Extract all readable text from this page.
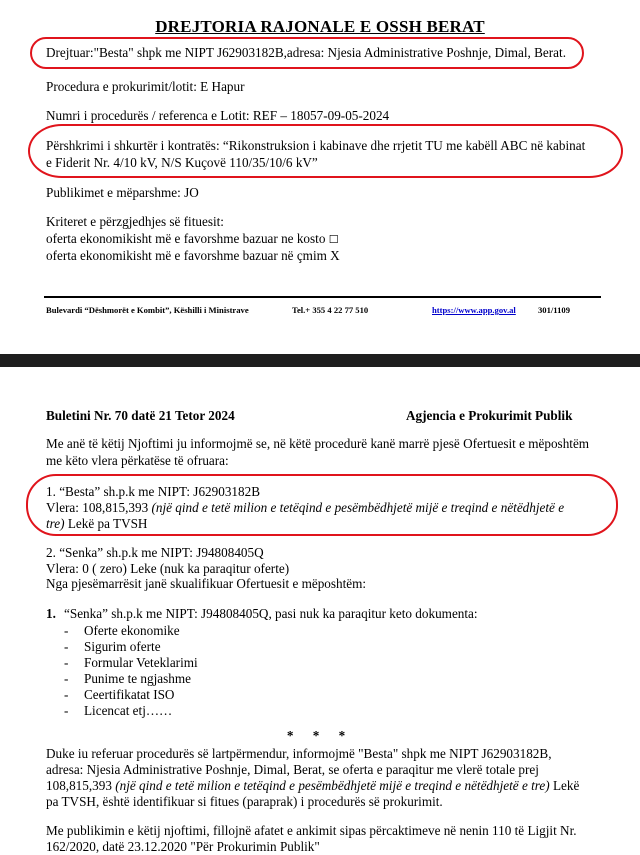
DREJTORIA RAJONALE E OSSH BERAT
Drejtuar:"Besta" shpk me NIPT J62903182B,adresa: Njesia Administrative Poshnje, Dimal, Berat.
Procedura e prokurimit/lotit: E Hapur
Numri i procedurës / referenca e Lotit: REF – 18057-09-05-2024
Përshkrimi i shkurtër i kontratës: “Rikonstruksion i kabinave dhe rrjetit TU me kabëll ABC në kabinat
e Fiderit Nr. 4/10 kV, N/S Kuçovë 110/35/10/6 kV”
Publikimet e mëparshme: JO
Kriteret e përzgjedhjes së fituesit:
oferta ekonomikisht më e favorshme bazuar ne kosto ☐
oferta ekonomikisht më e favorshme bazuar në çmim X
Bulevardi “Dëshmorët e Kombit”, Këshilli i Ministrave	Tel.+ 355 4 22 77 510	https://www.app.gov.al	301/1109
Buletini Nr. 70 datë 21 Tetor 2024	Agjencia e Prokurimit Publik
Me anë të këtij Njoftimi ju informojmë se, në këtë procedurë kanë marrë pjesë Ofertuesit e mëposhtëm
me këto vlera përkatëse të ofruara:
1. “Besta” sh.p.k me NIPT: J62903182B
Vlera: 108,815,393 (një qind e tetë milion e tetëqind e pesëmbëdhjetë mijë e treqind e nëtëdhjetë e
tre) Lekë pa TVSH
2. “Senka” sh.p.k me NIPT: J94808405Q
Vlera: 0 ( zero) Leke (nuk ka paraqitur oferte)
Nga pjesëmarrësit janë skualifikuar Ofertuesit e mëposhtëm:
1. “Senka” sh.p.k me NIPT: J94808405Q, pasi nuk ka paraqitur keto dokumenta:
- Oferte ekonomike
- Sigurim oferte
- Formular Veteklarimi
- Punime te ngjashme
- Ceertifikatat ISO
- Licencat etj……
* * *
Duke iu referuar procedurës së lartpërmendur, informojmë "Besta" shpk me NIPT J62903182B,
adresa: Njesia Administrative Poshnje, Dimal, Berat, se oferta e paraqitur me vlerë totale prej
108,815,393 (një qind e tetë milion e tetëqind e pesëmbëdhjetë mijë e treqind e nëtëdhjetë e tre) Lekë
pa TVSH, është identifikuar si fitues (paraprak) i procedurës së prokurimit.
Me publikimin e këtij njoftimi, fillojnë afatet e ankimit sipas përcaktimeve në nenin 110 të Ligjit Nr.
162/2020, datë 23.12.2020 "Për Prokurimin Publik"
